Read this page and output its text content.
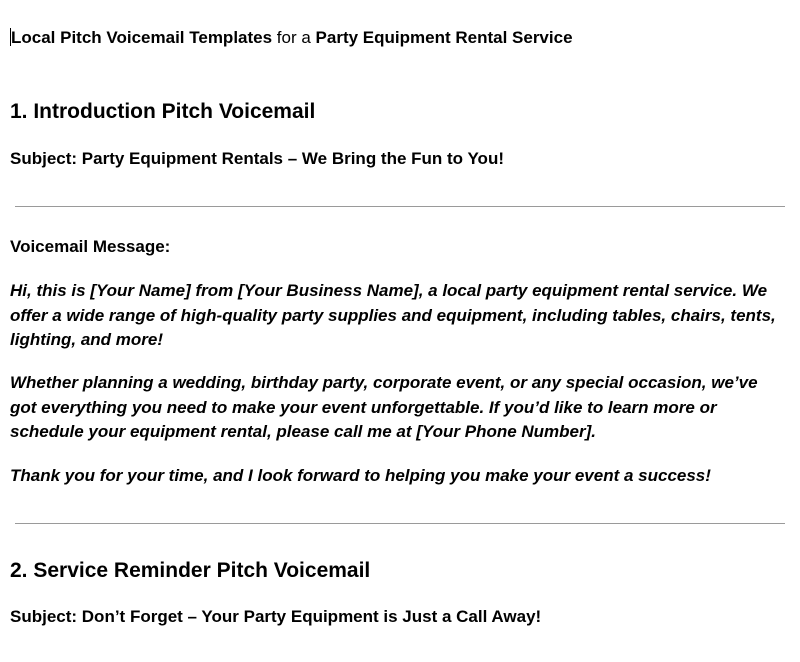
Local Pitch Voicemail Templates for a Party Equipment Rental Service
1. Introduction Pitch Voicemail
Subject: Party Equipment Rentals – We Bring the Fun to You!
Voicemail Message:
Hi, this is [Your Name] from [Your Business Name], a local party equipment rental service. We offer a wide range of high-quality party supplies and equipment, including tables, chairs, tents, lighting, and more!
Whether planning a wedding, birthday party, corporate event, or any special occasion, we’ve got everything you need to make your event unforgettable. If you’d like to learn more or schedule your equipment rental, please call me at [Your Phone Number].
Thank you for your time, and I look forward to helping you make your event a success!
2. Service Reminder Pitch Voicemail
Subject: Don’t Forget – Your Party Equipment is Just a Call Away!
